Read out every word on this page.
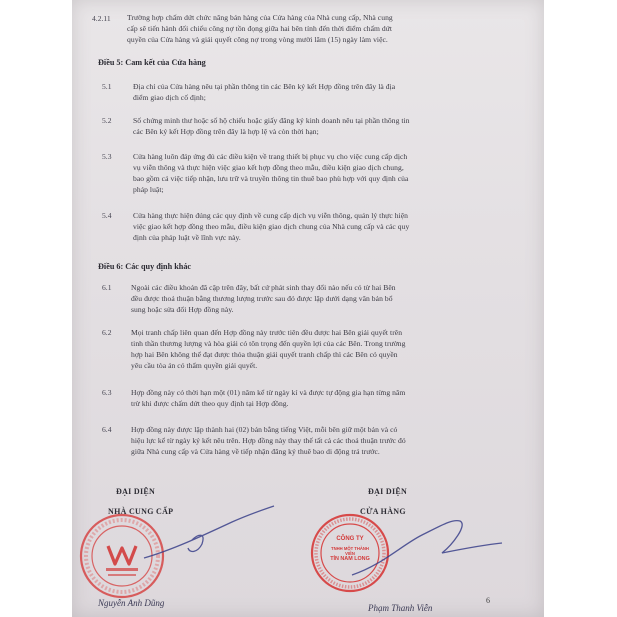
4.2.11 Trường hợp chấm dứt chức năng bán hàng của Cửa hàng của Nhà cung cấp, Nhà cung
cấp sẽ tiến hành đối chiếu công nợ tồn đọng giữa hai bên tính đến thời điểm chấm dứt
quyền của Cửa hàng và giải quyết công nợ trong vòng mười lăm (15) ngày làm việc.
Điều 5: Cam kết của Cửa hàng
5.1	Địa chỉ của Cửa hàng nêu tại phần thông tin các Bên ký kết Hợp đồng trên đây là địa
điểm giao dịch cố định;
5.2	Số chứng minh thư hoặc số hộ chiếu hoặc giấy đăng ký kinh doanh nêu tại phần thông tin
các Bên ký kết Hợp đồng trên đây là hợp lệ và còn thời hạn;
5.3	Cửa hàng luôn đáp ứng đủ các điều kiện về trang thiết bị phục vụ cho việc cung cấp dịch
vụ viễn thông và thực hiện việc giao kết hợp đồng theo mẫu, điều kiện giao dịch chung,
bao gồm cả việc tiếp nhận, lưu trữ và truyền thông tin thuê bao phù hợp với quy định của
pháp luật;
5.4	Cửa hàng thực hiện đúng các quy định về cung cấp dịch vụ viễn thông, quản lý thực hiện
việc giao kết hợp đồng theo mẫu, điều kiện giao dịch chung của Nhà cung cấp và các quy
định của pháp luật về lĩnh vực này.
Điều 6: Các quy định khác
6.1	Ngoài các điều khoản đã cập trên đây, bất cứ phát sinh thay đổi nào nếu có từ hai Bên
đều được thoả thuận bằng thương lượng trước sau đó được lập dưới dạng văn bản bổ
sung hoặc sửa đổi Hợp đồng này.
6.2	Mọi tranh chấp liên quan đến Hợp đồng này trước tiên đều được hai Bên giải quyết trên
tinh thần thương lượng và hòa giải có tôn trọng đến quyền lợi của các Bên. Trong trường
hợp hai Bên không thể đạt được thỏa thuận giải quyết tranh chấp thì các Bên có quyền
yêu cầu tòa án có thẩm quyền giải quyết.
6.3	Hợp đồng này có thời hạn một (01) năm kể từ ngày kí và được tự động gia hạn từng năm
trừ khi được chấm dứt theo quy định tại Hợp đồng.
6.4	Hợp đồng này được lập thành hai (02) bản bằng tiếng Việt, mỗi bên giữ một bản và có
hiệu lực kể từ ngày ký kết nêu trên. Hợp đồng này thay thế tất cả các thoả thuận trước đó
giữa Nhà cung cấp và Cửa hàng về tiếp nhận đăng ký thuê bao di động trả trước.
ĐẠI DIỆN
NHÀ CUNG CẤP
ĐẠI DIỆN
CỬA HÀNG
CÔNG TY
TNHH MỘT THÀNH VIÊN
TÍN NAM LONG
Nguyễn Anh Dũng	Phạm Thanh Viễn
6
